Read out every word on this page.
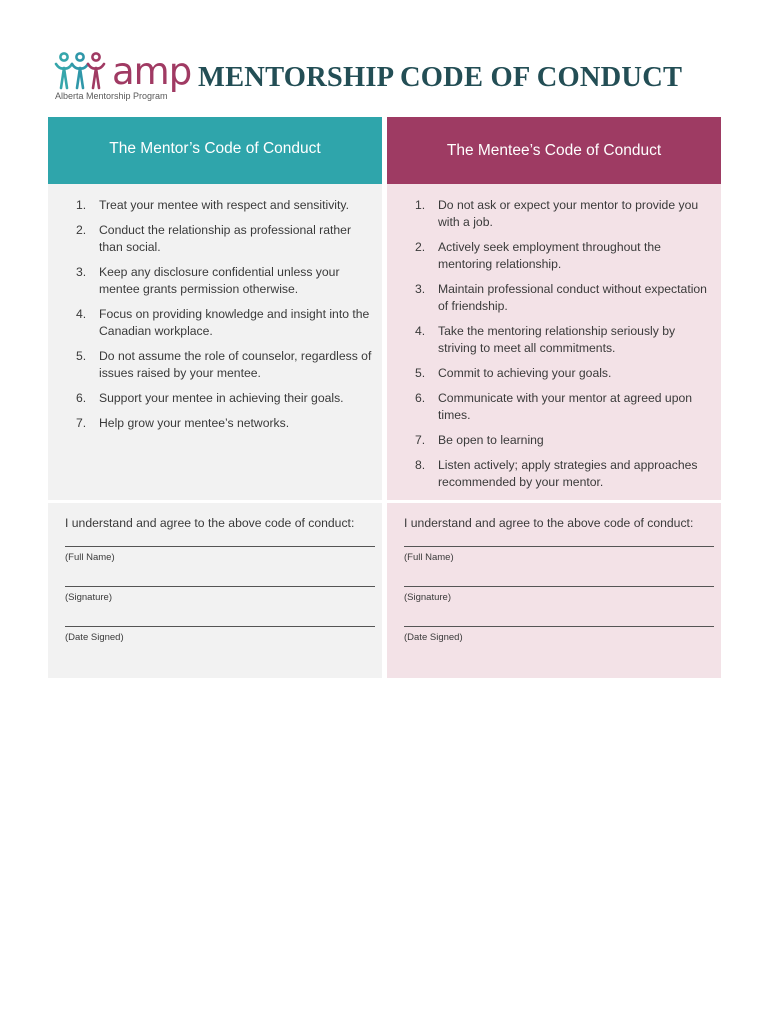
amp
Alberta Mentorship Program
MENTORSHIP CODE OF CONDUCT
The Mentor’s Code of Conduct
1. Treat your mentee with respect and sensitivity.
2. Conduct the relationship as professional rather than social.
3. Keep any disclosure confidential unless your mentee grants permission otherwise.
4. Focus on providing knowledge and insight into the Canadian workplace.
5. Do not assume the role of counselor, regardless of issues raised by your mentee.
6. Support your mentee in achieving their goals.
7. Help grow your mentee’s networks.
I understand and agree to the above code of conduct:
(Full Name)
(Signature)
(Date Signed)
The Mentee’s Code of Conduct
1. Do not ask or expect your mentor to provide you with a job.
2. Actively seek employment throughout the mentoring relationship.
3. Maintain professional conduct without expectation of friendship.
4. Take the mentoring relationship seriously by striving to meet all commitments.
5. Commit to achieving your goals.
6. Communicate with your mentor at agreed upon times.
7. Be open to learning
8. Listen actively; apply strategies and approaches recommended by your mentor.
I understand and agree to the above code of conduct:
(Full Name)
(Signature)
(Date Signed)
